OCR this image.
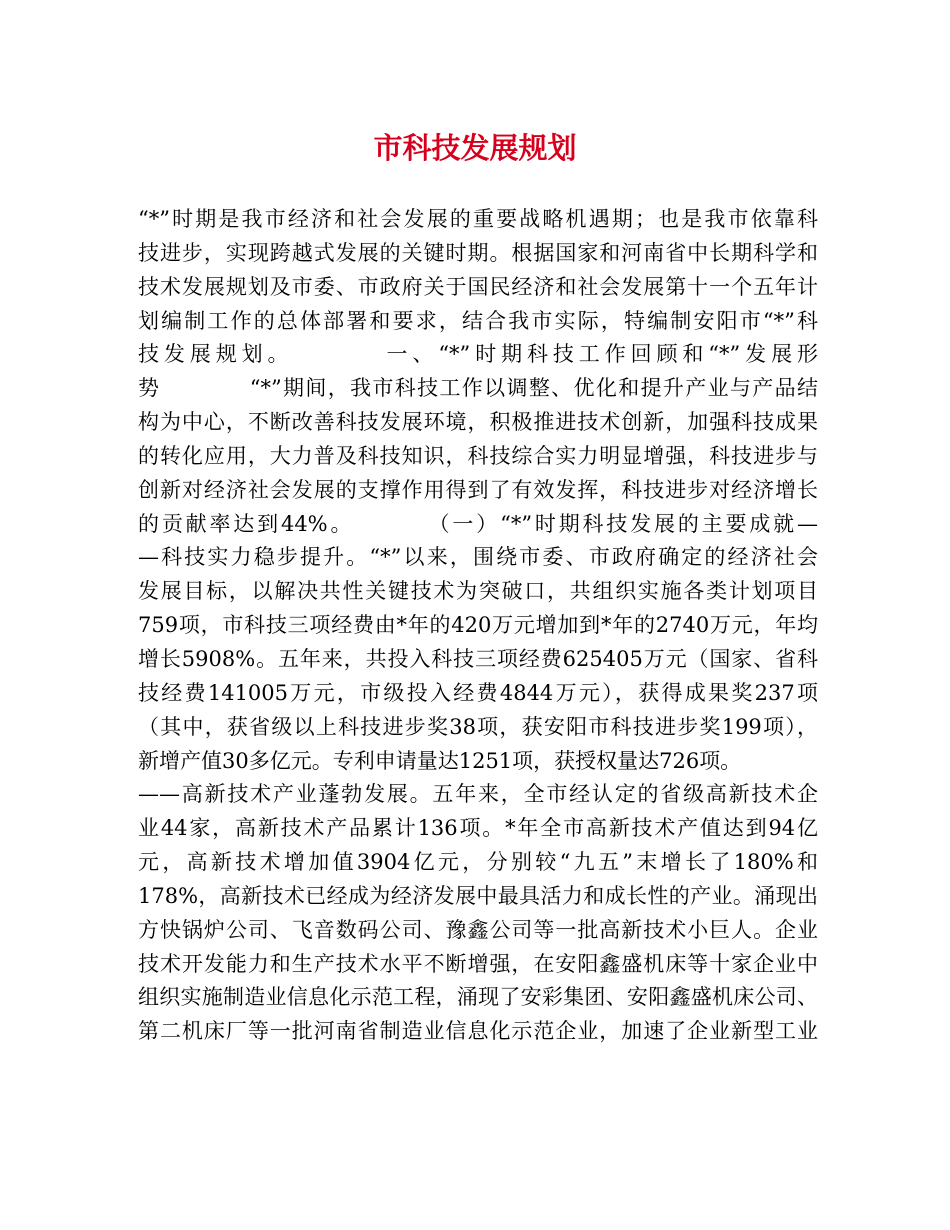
市科技发展规划
“*”时期是我市经济和社会发展的重要战略机遇期；也是我市依靠科
技进步，实现跨越式发展的关键时期。根据国家和河南省中长期科学和
技术发展规划及市委、市政府关于国民经济和社会发展第十一个五年计
划编制工作的总体部署和要求，结合我市实际，特编制安阳市“*”科
技发展规划。　　　　一、“*”时期科技工作回顾和“*”发展形
势　　　　“*”期间，我市科技工作以调整、优化和提升产业与产品结
构为中心，不断改善科技发展环境，积极推进技术创新，加强科技成果
的转化应用，大力普及科技知识，科技综合实力明显增强，科技进步与
创新对经济社会发展的支撑作用得到了有效发挥，科技进步对经济增长
的贡献率达到44%。　　　　（一）“*”时期科技发展的主要成就—
—科技实力稳步提升。“*”以来，围绕市委、市政府确定的经济社会
发展目标，以解决共性关键技术为突破口，共组织实施各类计划项目
759项，市科技三项经费由*年的420万元增加到*年的2740万元，年均
增长5908%。五年来，共投入科技三项经费625405万元（国家、省科
技经费141005万元，市级投入经费4844万元），获得成果奖237项
（其中，获省级以上科技进步奖38项，获安阳市科技进步奖199项），
新增产值30多亿元。专利申请量达1251项，获授权量达726项。
——高新技术产业蓬勃发展。五年来，全市经认定的省级高新技术企
业44家，高新技术产品累计136项。*年全市高新技术产值达到94亿
元，高新技术增加值3904亿元，分别较“九五”末增长了180%和
178%，高新技术已经成为经济发展中最具活力和成长性的产业。涌现出
方快锅炉公司、飞音数码公司、豫鑫公司等一批高新技术小巨人。企业
技术开发能力和生产技术水平不断增强，在安阳鑫盛机床等十家企业中
组织实施制造业信息化示范工程，涌现了安彩集团、安阳鑫盛机床公司、
第二机床厂等一批河南省制造业信息化示范企业，加速了企业新型工业
